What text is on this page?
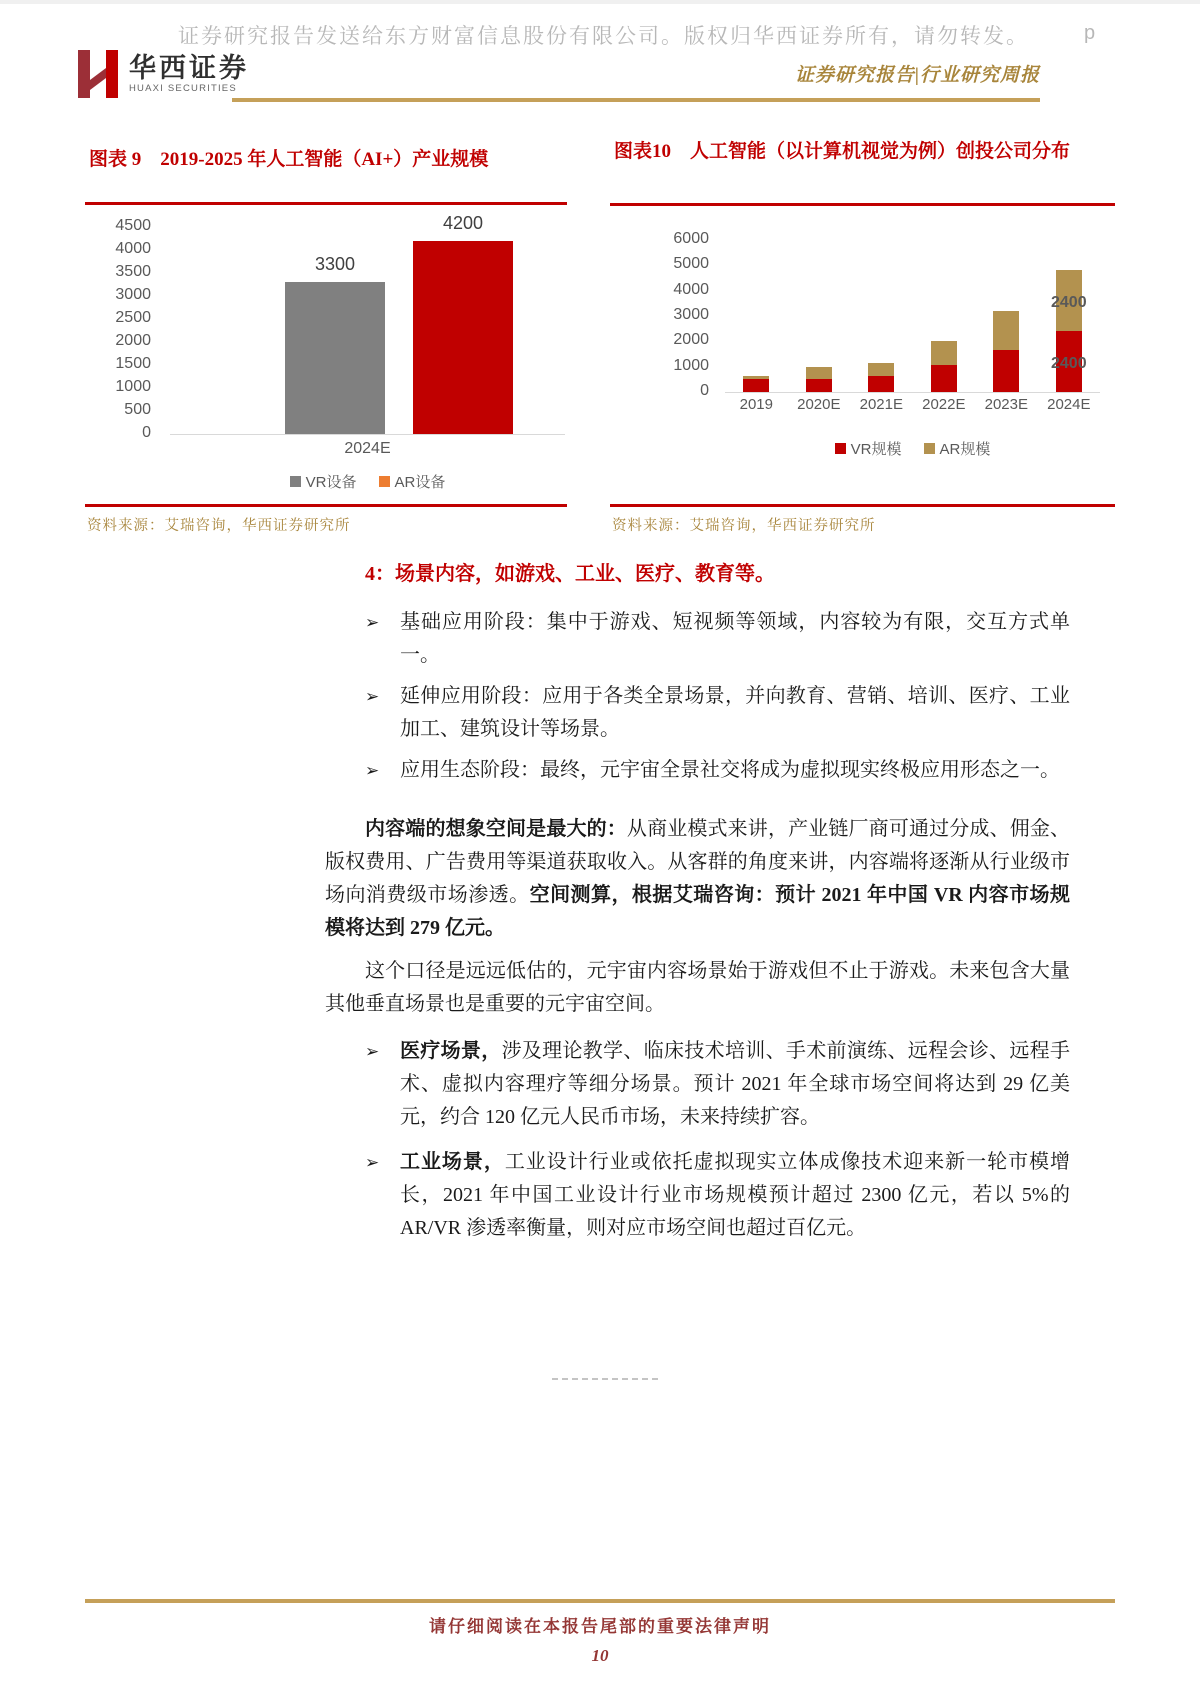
证券研究报告发送给东方财富信息股份有限公司。版权归华西证券所有，请勿转发。	p
华西证券
HUAXI SECURITIES
证券研究报告|行业研究周报
图表 9　2019-2025 年人工智能（AI+）产业规模
4500
4000
3500
3000
2500
2000
1500
1000
500
0
3300
4200
2024E
VR设备	AR设备
资料来源：艾瑞咨询，华西证券研究所
图表10　人工智能（以计算机视觉为例）创投公司分布
6000
5000
4000
3000
2000
1000
0
2400
2400
2019	2020E	2021E	2022E	2023E	2024E
VR规模	AR规模
资料来源：艾瑞咨询，华西证券研究所
4：场景内容，如游戏、工业、医疗、教育等。
➢	基础应用阶段：集中于游戏、短视频等领域，内容较为有限，交互方式单一。
➢	延伸应用阶段：应用于各类全景场景，并向教育、营销、培训、医疗、工业加工、建筑设计等场景。
➢	应用生态阶段：最终，元宇宙全景社交将成为虚拟现实终极应用形态之一。

内容端的想象空间是最大的：从商业模式来讲，产业链厂商可通过分成、佣金、版权费用、广告费用等渠道获取收入。从客群的角度来讲，内容端将逐渐从行业级市场向消费级市场渗透。空间测算，根据艾瑞咨询：预计 2021 年中国 VR 内容市场规模将达到 279 亿元。

这个口径是远远低估的，元宇宙内容场景始于游戏但不止于游戏。未来包含大量其他垂直场景也是重要的元宇宙空间。

➢	医疗场景，涉及理论教学、临床技术培训、手术前演练、远程会诊、远程手术、虚拟内容理疗等细分场景。预计 2021 年全球市场空间将达到 29 亿美元，约合 120 亿元人民币市场，未来持续扩容。
➢	工业场景，工业设计行业或依托虚拟现实立体成像技术迎来新一轮市模增长，2021 年中国工业设计行业市场规模预计超过 2300 亿元，若以 5%的 AR/VR 渗透率衡量，则对应市场空间也超过百亿元。
请仔细阅读在本报告尾部的重要法律声明
10
